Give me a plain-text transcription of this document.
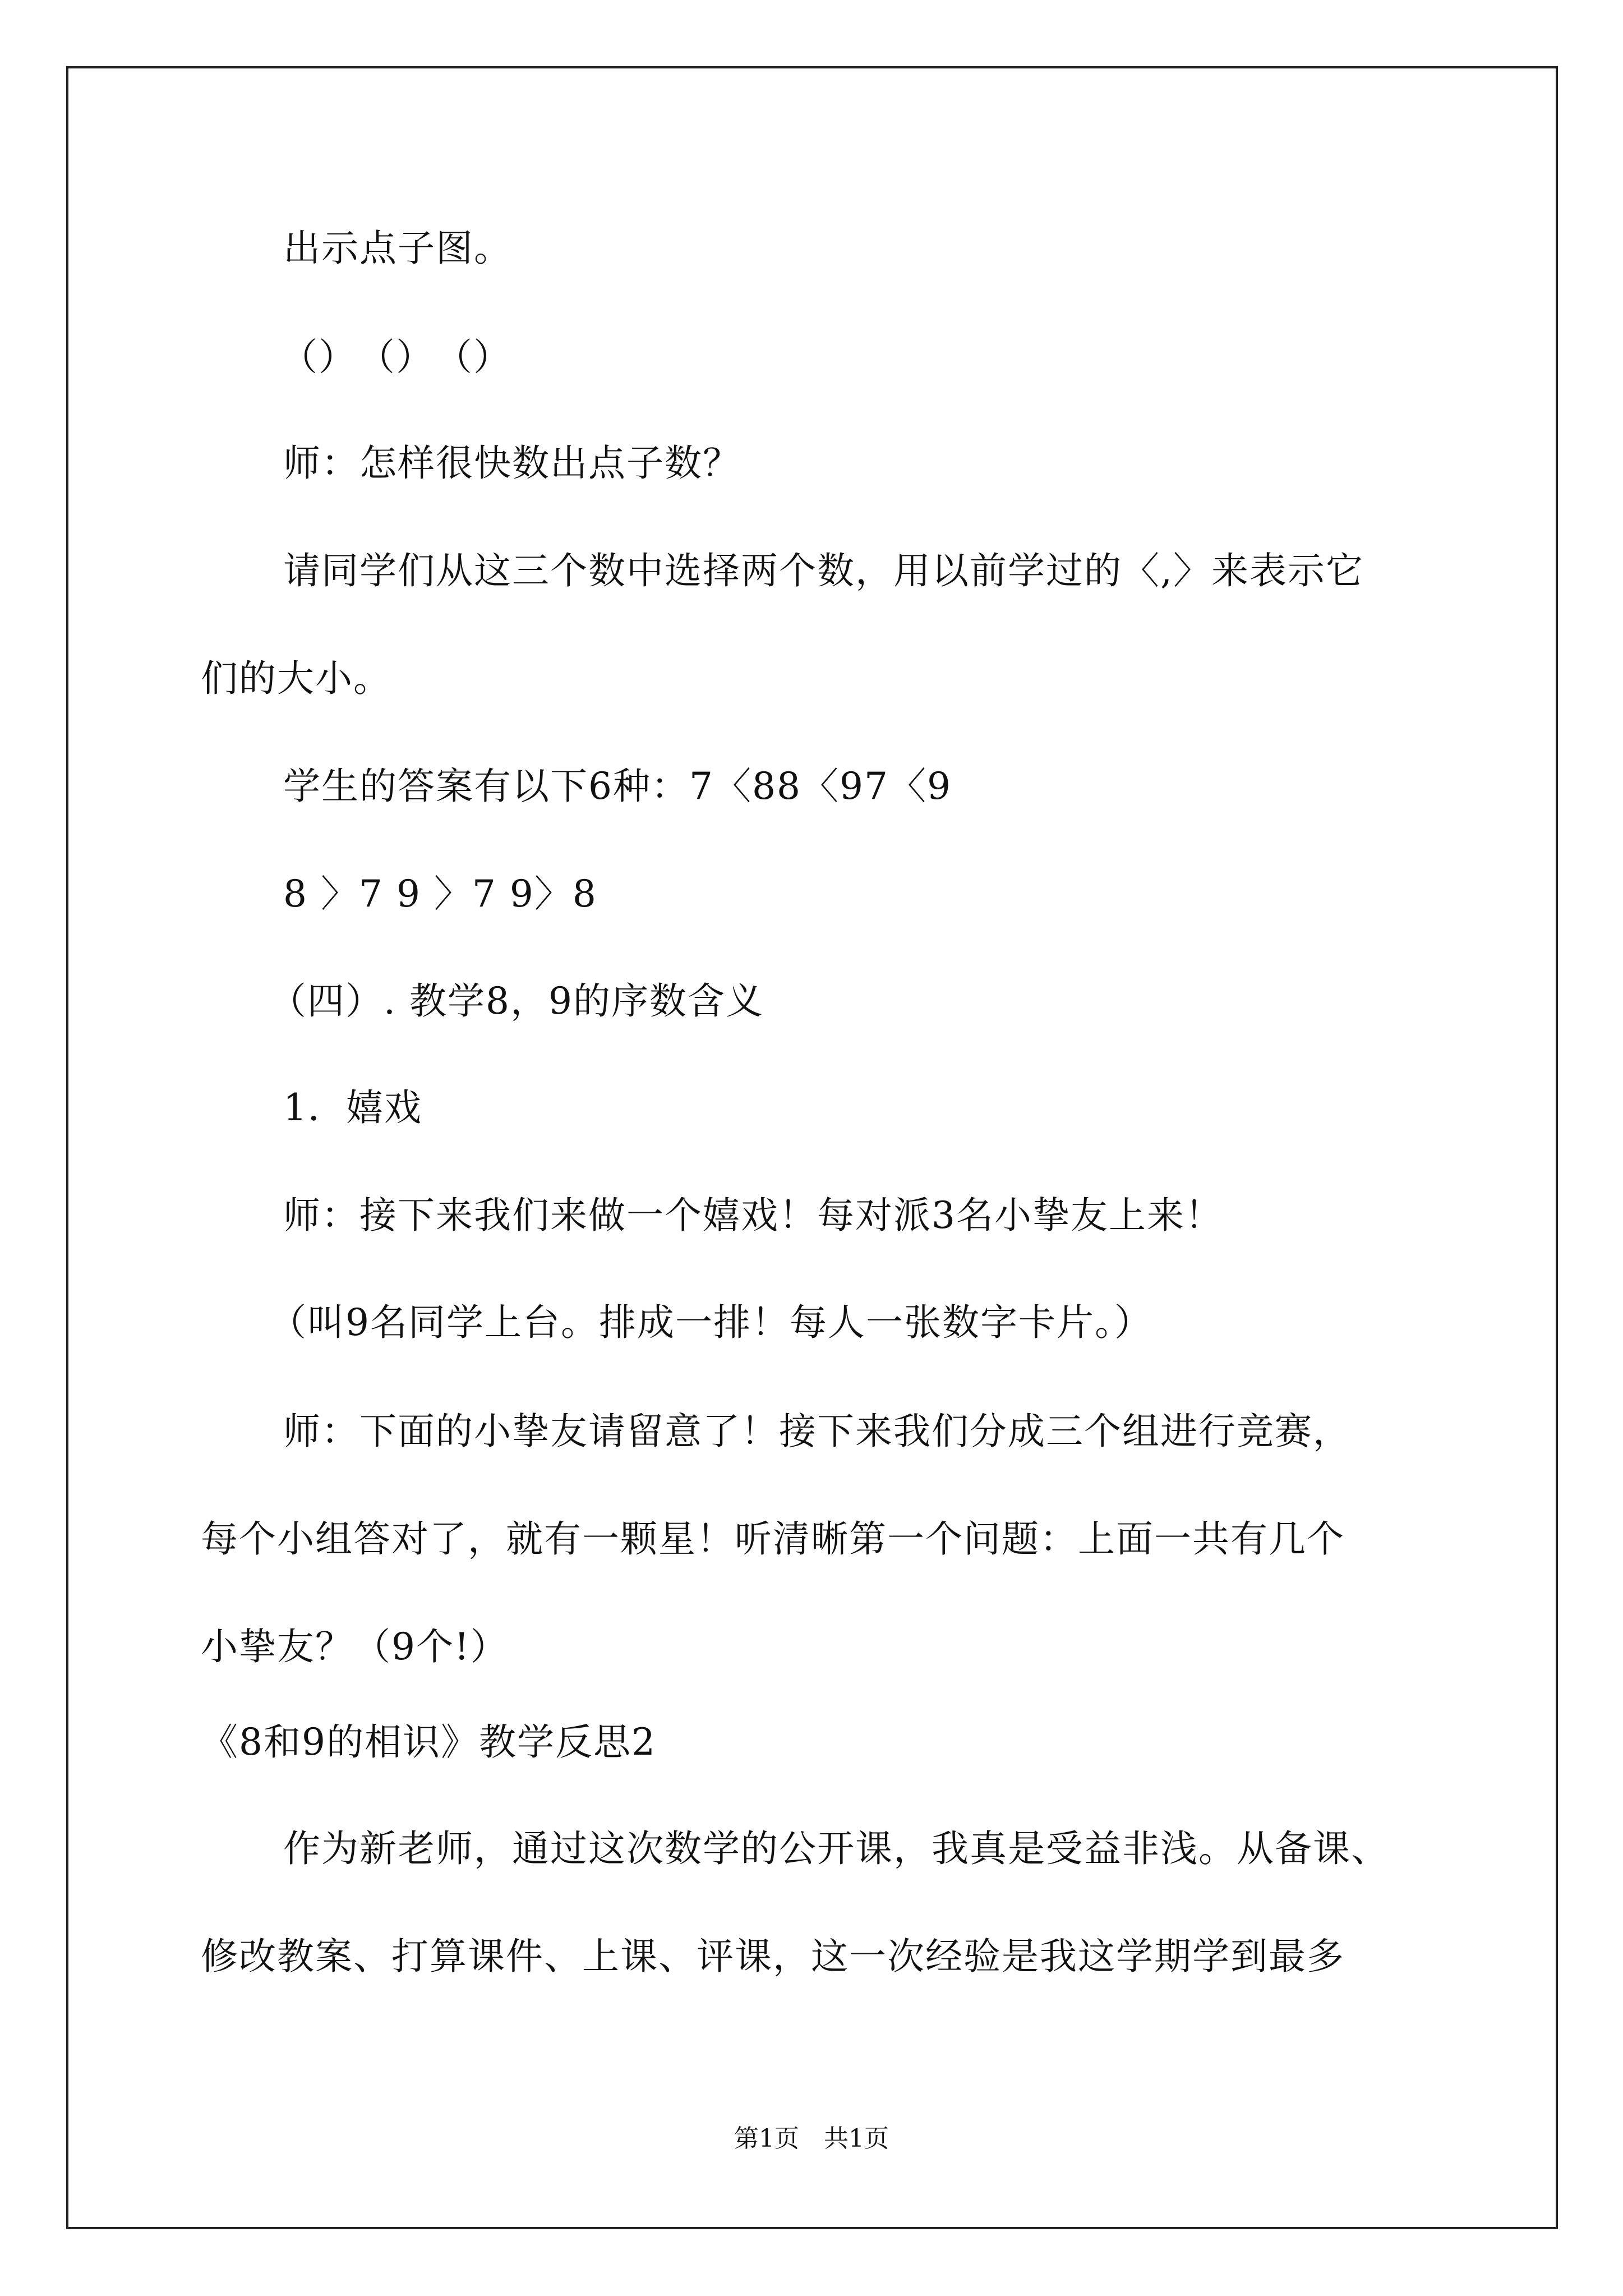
出示点子图。
（）　（）　（）
师：怎样很快数出点子数？
请同学们从这三个数中选择两个数，用以前学过的〈,〉来表示它
们的大小。
学生的答案有以下6种：7〈88〈97〈9
8 〉7 9 〉7 9〉8
（四）. 教学8，9的序数含义
1．嬉戏
师：接下来我们来做一个嬉戏！每对派3名小挚友上来！
（叫9名同学上台。排成一排！每人一张数字卡片。）
师：下面的小挚友请留意了！接下来我们分成三个组进行竞赛，
每个小组答对了，就有一颗星！听清晰第一个问题：上面一共有几个
小挚友？（9个!）
《8和9的相识》教学反思2
作为新老师，通过这次数学的公开课，我真是受益非浅。从备课、
修改教案、打算课件、上课、评课，这一次经验是我这学期学到最多
第1页　共1页
